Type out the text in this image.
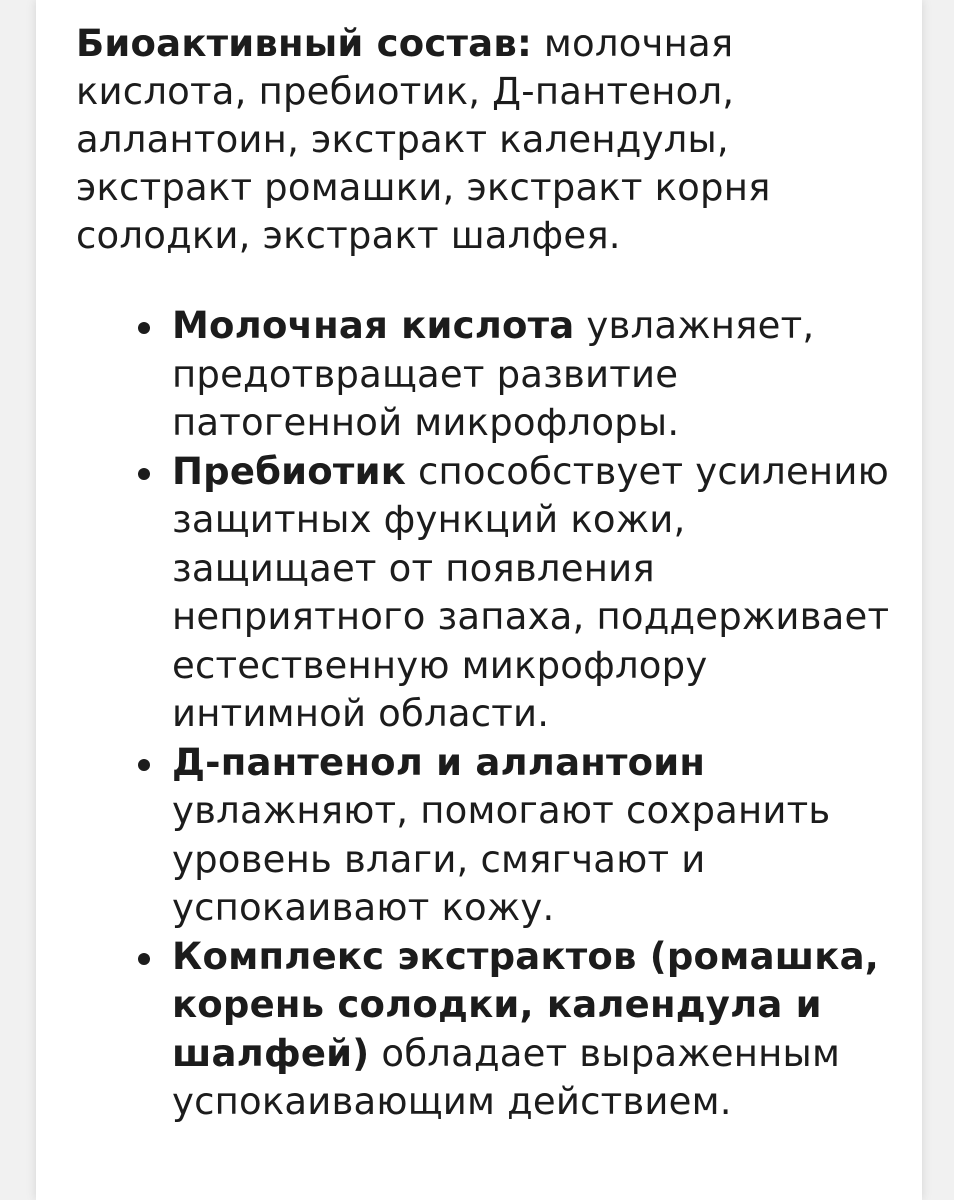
Биоактивный состав: молочная кислота, пребиотик, Д-пантенол, аллантоин, экстракт календулы, экстракт ромашки, экстракт корня солодки, экстракт шалфея.

Молочная кислота увлажняет, предотвращает развитие патогенной микрофлоры.
Пребиотик способствует усилению защитных функций кожи, защищает от появления неприятного запаха, поддерживает естественную микрофлору интимной области.
Д-пантенол и аллантоин увлажняют, помогают сохранить уровень влаги, смягчают и успокаивают кожу.
Комплекс экстрактов (ромашка, корень солодки, календула и шалфей) обладает выраженным успокаивающим действием.
